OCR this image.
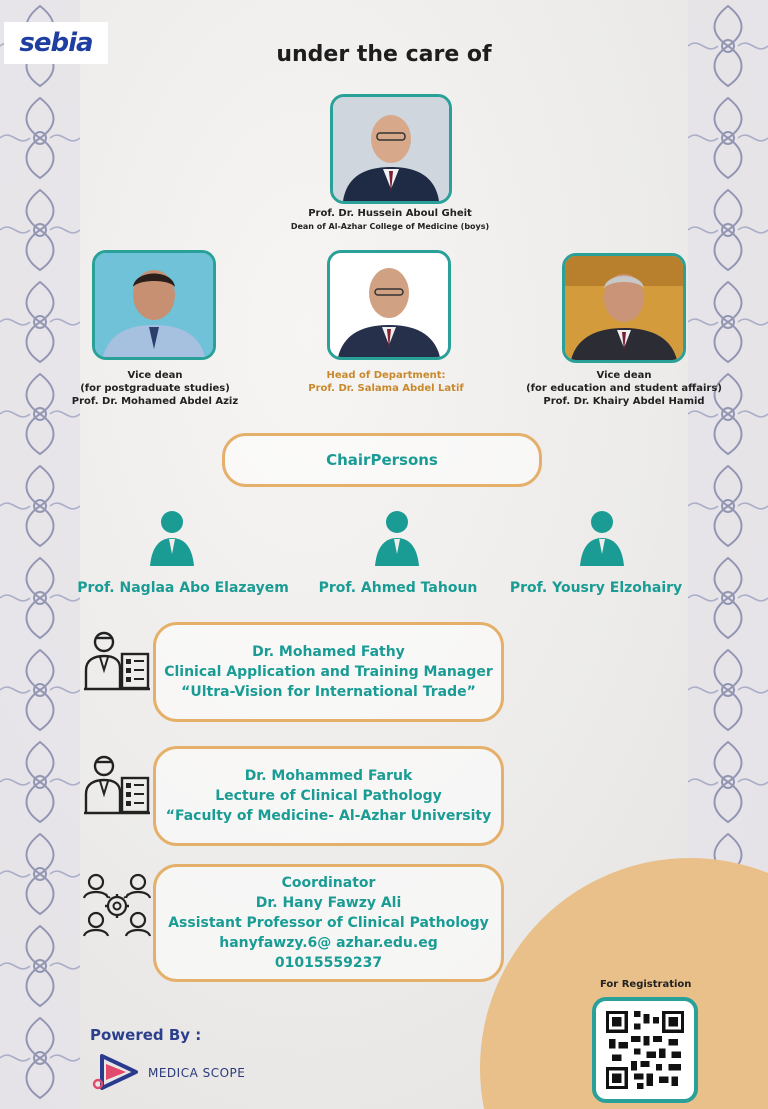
sebia	under the care of
Prof. Dr. Hussein Aboul Gheit
Dean of Al-Azhar College of Medicine (boys)
Vice dean
(for postgraduate studies)
Prof. Dr. Mohamed Abdel Aziz
Head of Department:
Prof. Dr. Salama Abdel Latif
Vice dean
(for education and student affairs)
Prof. Dr. Khairy Abdel Hamid
ChairPersons
Prof. Naglaa Abo Elazayem	Prof. Ahmed Tahoun	Prof. Yousry Elzohairy
Dr. Mohamed Fathy
Clinical Application and Training Manager
“Ultra-Vision for International Trade”
Dr. Mohammed Faruk
Lecture of Clinical Pathology
“Faculty of Medicine- Al-Azhar University
Coordinator
Dr. Hany Fawzy Ali
Assistant Professor of Clinical Pathology
hanyfawzy.6@ azhar.edu.eg
01015559237
For Registration
Powered By :
MEDICA SCOPE
